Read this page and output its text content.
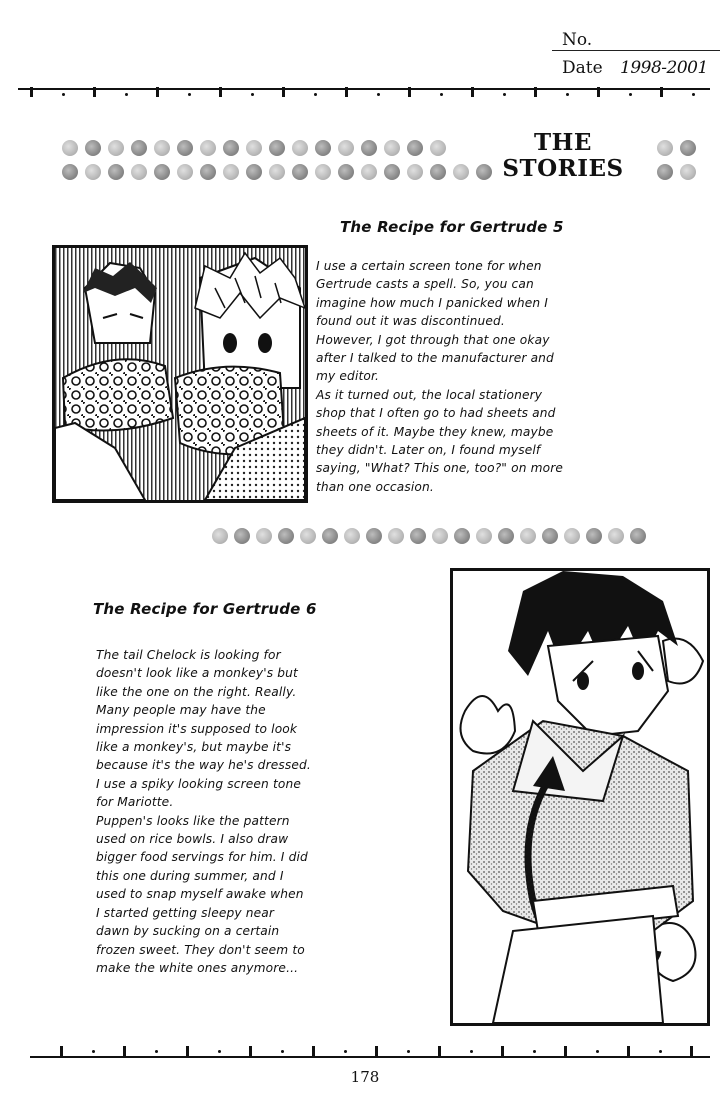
No.
Date 1998-2001
THE
STORIES
The Recipe for Gertrude 5
I use a certain screen tone for when
Gertrude casts a spell. So, you can
imagine how much I panicked when I
found out it was discontinued.
However, I got through that one okay
after I talked to the manufacturer and
my editor.
As it turned out, the local stationery
shop that I often go to had sheets and
sheets of it. Maybe they knew, maybe
they didn't. Later on, I found myself
saying, "What? This one, too?" on more
than one occasion.
The Recipe for Gertrude 6
The tail Chelock is looking for
doesn't look like a monkey's but
like the one on the right. Really.
Many people may have the
impression it's supposed to look
like a monkey's, but maybe it's
because it's the way he's dressed.
I use a spiky looking screen tone
for Mariotte.
Puppen's looks like the pattern
used on rice bowls. I also draw
bigger food servings for him. I did
this one during summer, and I
used to snap myself awake when
I started getting sleepy near
dawn by sucking on a certain
frozen sweet. They don't seem to
make the white ones anymore...
178
